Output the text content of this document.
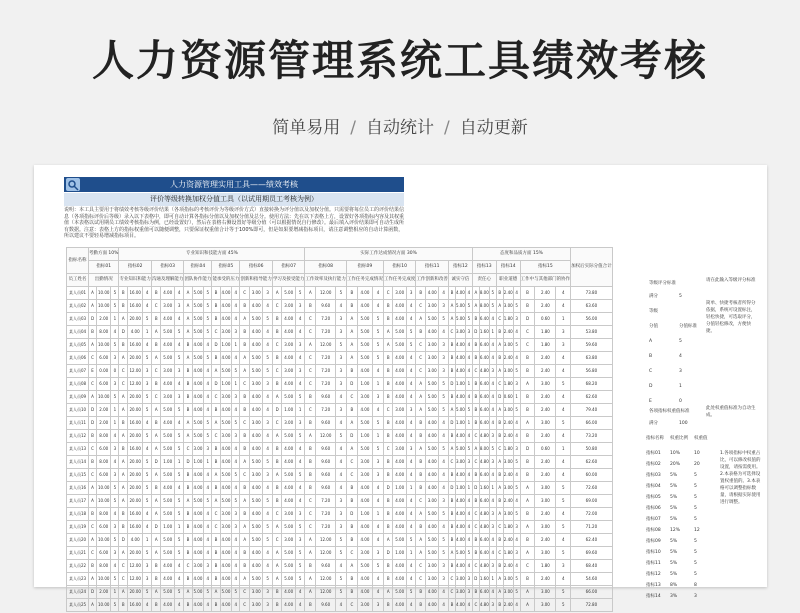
人力资源管理系统工具绩效考核
简单易用 / 自动统计 / 自动更新
人力资源管理实用工具——绩效考核
评价等级转换加权分值工具（以试用期员工考核为例）
说明：本工具主要用于将绩效考核等级评价结果（各项指标的考核评价为等级评价方式）直接转换为评分值以及加权分值。只需要将每位员工的评价结果信息（各项指标评价后等级）录入以下表格中，即可自动计算各指标分值以及加权分值及总分。使用方法：先在以下表格上方，设置好各项指标内容及其权重值（本表格以试用期员工绩效考核指标为例，已经设置好），然后在表格右侧设置好等级分值（可以根据情况自行修改）。最后填入评价结果即可自动生成所有数据。注意：表格上方的指标权重值可以随便调整，只要保证权重值合计等于100%即可，但是如果要增减指标项目，请注意调整相应的自动计算函数，所以建议不要轻易增减指标项目。
指标名称	考勤方面 10%			专业知识和技能方面 45%																		实际工作达成情况方面 30%															态度和品质方面 15%									加权后实际分值合计
	指标01			指标02			指标03			指标04			指标05			指标06			指标07			指标08			指标09			指标10			指标11			指标12			指标13			指标14			指标15			
员工姓名	出勤情况			专业知识和能力			沟通及理解能力			团队协作能力			能承受的压力			创新和指导能力			学习及接受能力			工作效率及执行能力			工作任务完成情况			工作任务完成度			工作创新和改善			诚实守信			责任心			职业道德			工作中与其他部门的协作			
某人员01	A	10.00	5	B	16.00	4	B	4.00	4	A	5.00	5	B	4.00	4	C	3.00	3	A	5.00	5	A	12.00	5	B	4.00	4	C	3.00	3	B	4.00	4	B	4.00	4	A	8.00	5	B	2.40	4	B	2.40	4	73.80
某人员02	A	10.00	5	B	16.00	4	C	3.00	3	A	5.00	5	B	4.00	4	B	4.00	4	C	3.00	3	B	9.60	4	B	4.00	4	B	4.00	4	C	3.00	3	A	5.00	5	A	8.00	5	A	3.00	5	B	2.40	4	63.60
某人员03	D	2.00	1	A	20.00	5	B	4.00	4	A	5.00	5	B	4.00	4	A	5.00	5	B	4.00	4	C	7.20	3	A	5.00	5	B	4.00	4	A	5.00	5	A	5.00	5	B	6.40	4	C	1.80	3	D	0.60	1	56.00
某人员04	B	8.00	4	D	4.00	1	A	5.00	5	A	5.00	5	C	3.00	3	B	4.00	4	B	4.00	4	C	7.20	3	A	5.00	5	A	5.00	5	B	4.00	4	C	3.00	3	D	1.60	1	B	2.40	4	C	1.80	3	53.80
某人员05	A	10.00	5	B	16.00	4	B	4.00	4	B	4.00	4	D	1.00	1	B	4.00	4	C	3.00	3	A	12.00	5	A	5.00	5	A	5.00	5	C	3.00	3	B	4.00	4	B	6.40	4	A	3.00	5	C	1.80	3	59.60
某人员06	C	6.00	3	A	20.00	5	A	5.00	5	A	5.00	5	B	4.00	4	A	5.00	5	B	4.00	4	C	7.20	3	A	5.00	5	B	4.00	4	C	3.00	3	B	4.00	4	B	6.40	4	B	2.40	4	B	2.40	4	63.80
某人员07	E	0.00	0	C	12.00	3	C	3.00	3	B	4.00	4	A	5.00	5	A	5.00	5	C	3.00	3	C	7.20	3	B	4.00	4	B	4.00	4	C	3.00	3	B	4.00	4	C	4.80	3	A	3.00	5	B	2.40	4	56.80
某人员08	C	6.00	3	C	12.00	3	B	4.00	4	B	4.00	4	D	1.00	1	C	3.00	3	B	4.00	4	C	7.20	3	D	1.00	1	B	4.00	4	A	5.00	5	D	1.00	1	B	6.40	4	C	1.80	3	A	3.00	5	68.20
某人员09	A	10.00	5	A	20.00	5	C	3.00	3	B	4.00	4	C	3.00	3	B	4.00	4	A	5.00	5	B	9.60	4	C	3.00	3	B	4.00	4	A	5.00	5	B	4.00	4	B	6.40	4	D	0.60	1	B	2.40	4	62.60
某人员10	D	2.00	1	A	20.00	5	A	5.00	5	B	4.00	4	B	4.00	4	B	4.00	4	D	1.00	1	C	7.20	3	B	4.00	4	C	3.00	3	A	5.00	5	A	5.00	5	B	6.40	4	A	3.00	5	B	2.40	4	79.40
某人员11	D	2.00	1	B	16.00	4	B	4.00	4	A	5.00	5	A	5.00	5	C	3.00	3	C	3.00	3	B	9.60	4	A	5.00	5	B	4.00	4	B	4.00	4	D	1.00	1	B	6.40	4	B	2.40	4	A	3.00	5	66.00
某人员12	B	8.00	4	A	20.00	5	A	5.00	5	A	5.00	5	C	3.00	3	B	4.00	4	A	5.00	5	A	12.00	5	D	1.00	1	B	4.00	4	B	4.00	4	B	4.00	4	C	4.80	3	B	2.40	4	B	2.40	4	73.20
某人员13	C	6.00	3	B	16.00	4	A	5.00	5	C	3.00	3	B	4.00	4	B	4.00	4	B	4.00	4	B	9.60	4	A	5.00	5	C	3.00	3	A	5.00	5	A	5.00	5	A	8.00	5	C	1.80	3	D	0.60	1	50.80
某人员14	B	8.00	4	A	20.00	5	D	1.00	1	D	1.00	1	B	4.00	4	A	5.00	5	B	4.00	4	B	9.60	4	C	3.00	3	B	4.00	4	B	4.00	4	C	3.00	3	C	4.80	3	A	3.00	5	B	2.40	4	62.60
某人员15	C	6.00	3	A	20.00	5	A	5.00	5	B	4.00	4	A	5.00	5	C	3.00	3	A	5.00	5	B	9.60	4	C	3.00	3	B	4.00	4	B	4.00	4	B	4.00	4	B	6.40	4	B	2.40	4	B	2.40	4	60.00
某人员16	A	10.00	5	A	20.00	5	B	4.00	4	B	4.00	4	B	4.00	4	B	4.00	4	B	4.00	4	B	9.60	4	B	4.00	4	D	1.00	1	B	4.00	4	D	1.00	1	D	1.60	1	A	3.00	5	A	3.00	5	72.60
某人员17	A	10.00	5	A	20.00	5	A	5.00	5	A	5.00	5	A	5.00	5	A	5.00	5	B	4.00	4	C	7.20	3	B	4.00	4	B	4.00	4	C	3.00	3	B	4.00	4	B	6.40	4	B	2.40	4	A	3.00	5	69.00
某人员18	B	8.00	4	B	16.00	4	A	5.00	5	B	4.00	4	C	3.00	3	B	4.00	4	C	3.00	3	C	7.20	3	D	1.00	1	B	4.00	4	A	5.00	5	B	4.00	4	C	4.80	3	A	3.00	5	B	2.40	4	72.00
某人员19	C	6.00	3	B	16.00	4	D	1.00	1	B	4.00	4	C	3.00	3	A	5.00	5	A	5.00	5	C	7.20	3	B	4.00	4	B	4.00	4	B	4.00	4	B	4.00	4	C	4.80	3	C	1.80	3	A	3.00	5	71.20
某人员20	A	10.00	5	D	4.00	1	A	5.00	5	B	4.00	4	B	4.00	4	A	5.00	5	C	3.00	3	A	12.00	5	B	4.00	4	A	5.00	5	A	5.00	5	B	4.00	4	B	6.40	4	B	2.40	4	B	2.40	4	62.40
某人员21	C	6.00	3	A	20.00	5	A	5.00	5	B	4.00	4	B	4.00	4	B	4.00	4	A	5.00	5	A	12.00	5	C	3.00	3	D	1.00	1	A	5.00	5	A	5.00	5	B	6.40	4	C	1.80	3	A	3.00	5	69.60
某人员22	B	8.00	4	C	12.00	3	B	4.00	4	C	3.00	3	B	4.00	4	B	4.00	4	A	5.00	5	B	9.60	4	A	5.00	5	B	4.00	4	C	3.00	3	B	4.00	4	C	4.80	3	B	2.40	4	C	1.80	3	68.40
某人员23	A	10.00	5	C	12.00	3	B	4.00	4	B	4.00	4	B	4.00	4	A	5.00	5	A	5.00	5	A	12.00	5	B	4.00	4	B	4.00	4	C	3.00	3	C	3.00	3	D	1.60	1	A	3.00	5	B	2.40	4	54.60
某人员24	D	2.00	1	A	20.00	5	A	5.00	5	A	5.00	5	A	5.00	5	C	3.00	3	B	4.00	4	A	12.00	5	B	4.00	4	A	5.00	5	B	4.00	4	C	3.00	3	B	6.40	4	A	3.00	5	A	3.00	5	66.00
某人员25	A	10.00	5	B	16.00	4	B	4.00	4	B	4.00	4	B	4.00	4	C	3.00	3	B	4.00	4	B	9.60	4	C	3.00	3	B	4.00	4	B	4.00	4	B	4.00	4	C	4.80	3	B	2.40	4	A	3.00	5	72.80
等级评分标准
请在此输入等级评分标准
满分	5
等级
分值	分值标准
A	5
B	4
C	3
D	1
E	0
简单、快捷考核者所得分依据，系统可设置标注，轻松快捷，可选取评分，分值轻松修改，方便快捷。
各项指标权重值标准
此处权重值标准为自动生成。
满分	100
指标名称	权重比例	权重值
指标01	10%	10
指标02	20%	20
指标03	5%	5
指标04	5%	5
指标05	5%	5
指标06	5%	5
指标07	5%	5
指标08	12%	12
指标09	5%	5
指标10	5%	5
指标11	5%	5
指标12	5%	5
指标13	8%	8
指标14	3%	3
1.各项指标中权重占比，可以修改权值的设置，请按需使用。2.本表格为可选择设置权重值的。3.本表格可以调整指标数量，请根据实际使用进行调整。
